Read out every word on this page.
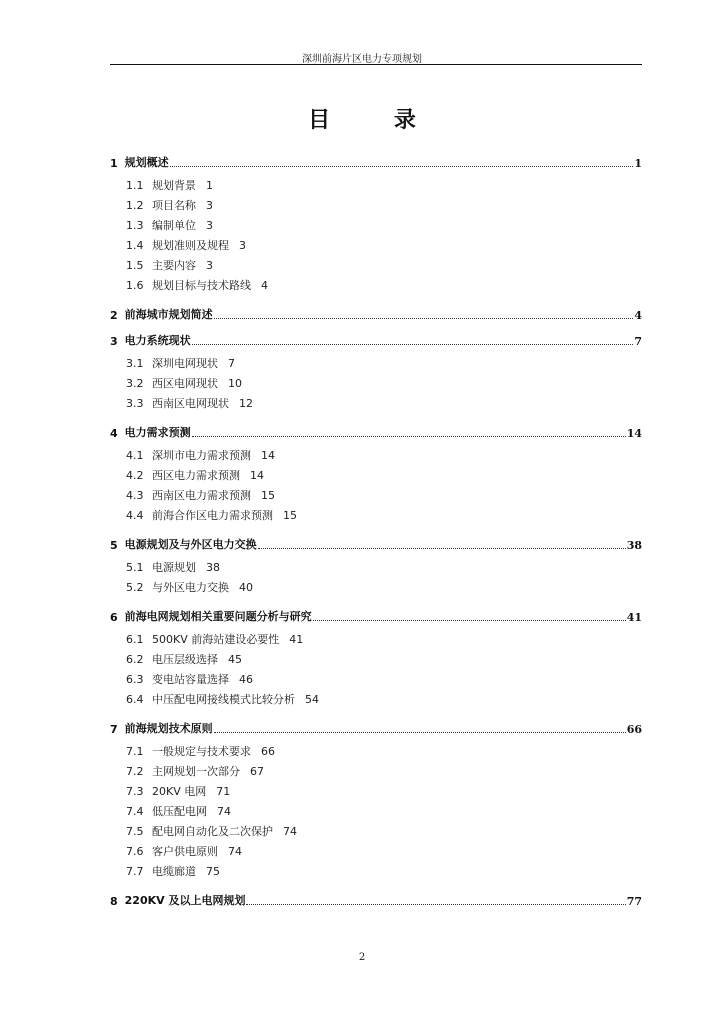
深圳前海片区电力专项规划
目 录
1 规划概述	1
1.1 规划背景 1
1.2 项目名称 3
1.3 编制单位 3
1.4 规划准则及规程 3
1.5 主要内容 3
1.6 规划目标与技术路线 4
2 前海城市规划简述	4
3 电力系统现状	7
3.1 深圳电网现状 7
3.2 西区电网现状 10
3.3 西南区电网现状 12
4 电力需求预测	14
4.1 深圳市电力需求预测 14
4.2 西区电力需求预测 14
4.3 西南区电力需求预测 15
4.4 前海合作区电力需求预测 15
5 电源规划及与外区电力交换	38
5.1 电源规划 38
5.2 与外区电力交换 40
6 前海电网规划相关重要问题分析与研究	41
6.1 500KV 前海站建设必要性 41
6.2 电压层级选择 45
6.3 变电站容量选择 46
6.4 中压配电网接线模式比较分析 54
7 前海规划技术原则	66
7.1 一般规定与技术要求 66
7.2 主网规划一次部分 67
7.3 20KV 电网 71
7.4 低压配电网 74
7.5 配电网自动化及二次保护 74
7.6 客户供电原则 74
7.7 电缆廊道 75
8 220KV 及以上电网规划	77
2
